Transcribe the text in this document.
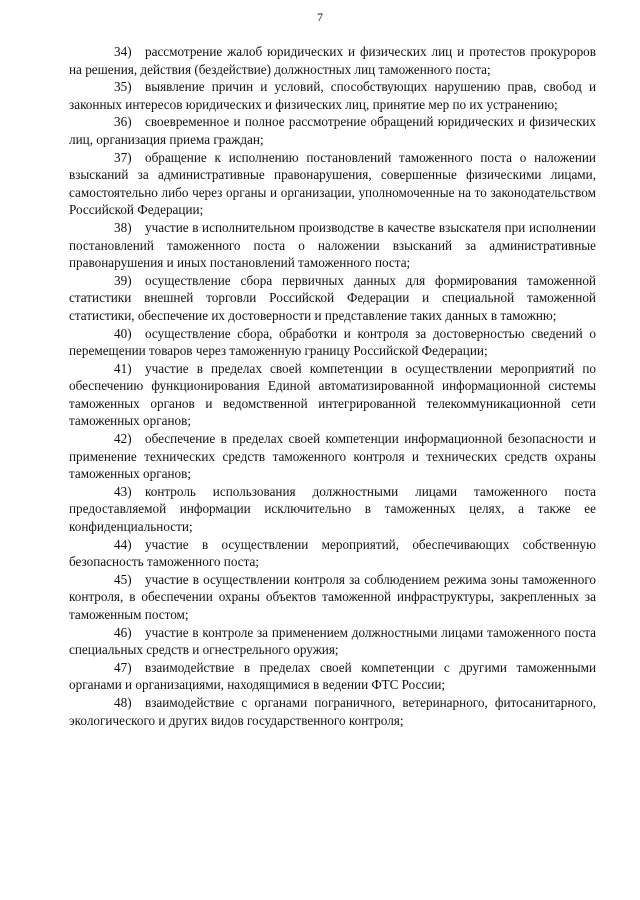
7

34) рассмотрение жалоб юридических и физических лиц и протестов прокуроров на решения, действия (бездействие) должностных лиц таможенного поста;

35) выявление причин и условий, способствующих нарушению прав, свобод и законных интересов юридических и физических лиц, принятие мер по их устранению;

36) своевременное и полное рассмотрение обращений юридических и физических лиц, организация приема граждан;

37) обращение к исполнению постановлений таможенного поста о наложении взысканий за административные правонарушения, совершенные физическими лицами, самостоятельно либо через органы и организации, уполномоченные на то законодательством Российской Федерации;

38) участие в исполнительном производстве в качестве взыскателя при исполнении постановлений таможенного поста о наложении взысканий за административные правонарушения и иных постановлений таможенного поста;

39) осуществление сбора первичных данных для формирования таможенной статистики внешней торговли Российской Федерации и специальной таможенной статистики, обеспечение их достоверности и представление таких данных в таможню;

40) осуществление сбора, обработки и контроля за достоверностью сведений о перемещении товаров через таможенную границу Российской Федерации;

41) участие в пределах своей компетенции в осуществлении мероприятий по обеспечению функционирования Единой автоматизированной информационной системы таможенных органов и ведомственной интегрированной телекоммуникационной сети таможенных органов;

42) обеспечение в пределах своей компетенции информационной безопасности и применение технических средств таможенного контроля и технических средств охраны таможенных органов;

43) контроль использования должностными лицами таможенного поста предоставляемой информации исключительно в таможенных целях, а также ее конфиденциальности;

44) участие в осуществлении мероприятий, обеспечивающих собственную безопасность таможенного поста;

45) участие в осуществлении контроля за соблюдением режима зоны таможенного контроля, в обеспечении охраны объектов таможенной инфраструктуры, закрепленных за таможенным постом;

46) участие в контроле за применением должностными лицами таможенного поста специальных средств и огнестрельного оружия;

47) взаимодействие в пределах своей компетенции с другими таможенными органами и организациями, находящимися в ведении ФТС России;

48) взаимодействие с органами пограничного, ветеринарного, фитосанитарного, экологического и других видов государственного контроля;
